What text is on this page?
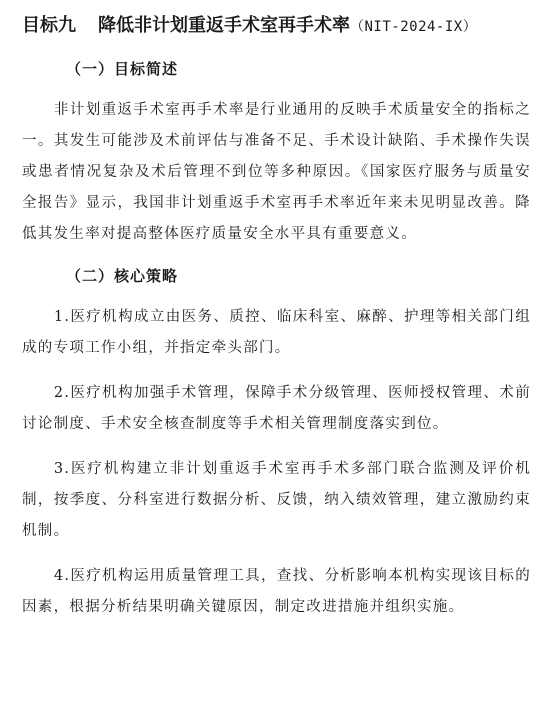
目标九 降低非计划重返手术室再手术率 （NIT-2024-IX）
（一）目标简述

非计划重返手术室再手术率是行业通用的反映手术质量安全的指标之一。其发生可能涉及术前评估与准备不足、手术设计缺陷、手术操作失误或患者情况复杂及术后管理不到位等多种原因。《国家医疗服务与质量安全报告》显示，我国非计划重返手术室再手术率近年来未见明显改善。降低其发生率对提高整体医疗质量安全水平具有重要意义。

（二）核心策略

1.医疗机构成立由医务、质控、临床科室、麻醉、护理等相关部门组成的专项工作小组，并指定牵头部门。

2.医疗机构加强手术管理，保障手术分级管理、医师授权管理、术前讨论制度、手术安全核查制度等手术相关管理制度落实到位。

3.医疗机构建立非计划重返手术室再手术多部门联合监测及评价机制，按季度、分科室进行数据分析、反馈，纳入绩效管理，建立激励约束机制。

4.医疗机构运用质量管理工具，查找、分析影响本机构实现该目标的因素，根据分析结果明确关键原因，制定改进措施并组织实施。
